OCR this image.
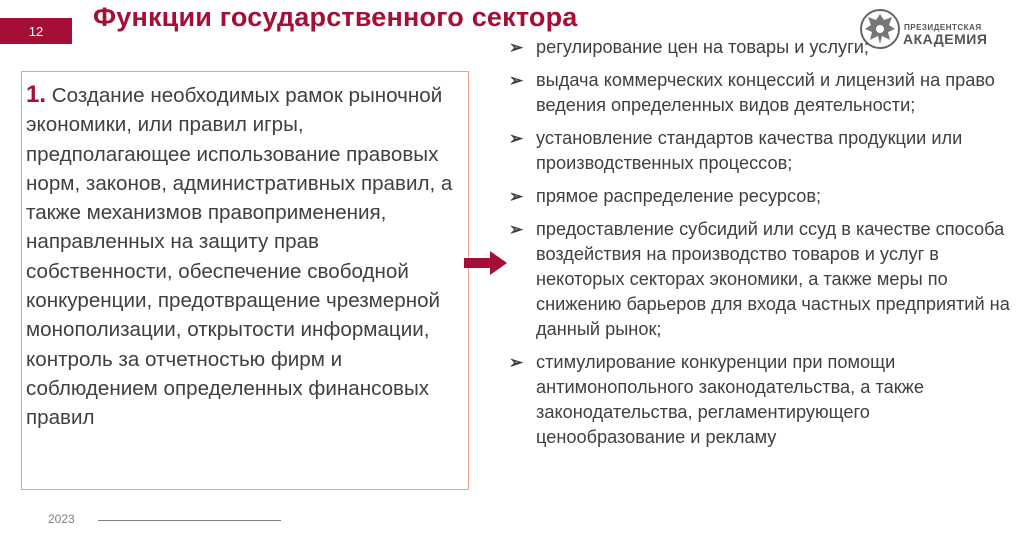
12 Функции государственного сектора	ПРЕЗИДЕНТСКАЯ
АКАДЕМИЯ
1. Создание необходимых рамок рыночной экономики, или правил игры, предполагающее использование правовых норм, законов, административных правил, а также механизмов правоприменения, направленных на защиту прав собственности, обеспечение свободной конкуренции, предотвращение чрезмерной монополизации, открытости информации, контроль за отчетностью фирм и соблюдением определенных финансовых правил
➢ регулирование цен на товары и услуги;
➢ выдача коммерческих концессий и лицензий на право ведения определенных видов деятельности;
➢ установление стандартов качества продукции или производственных процессов;
➢ прямое распределение ресурсов;
➢ предоставление субсидий или ссуд в качестве способа воздействия на производство товаров и услуг в некоторых секторах экономики, а также меры по снижению барьеров для входа частных предприятий на данный рынок;
➢ стимулирование конкуренции при помощи антимонопольного законодательства, а также законодательства, регламентирующего ценообразование и рекламу
2023
